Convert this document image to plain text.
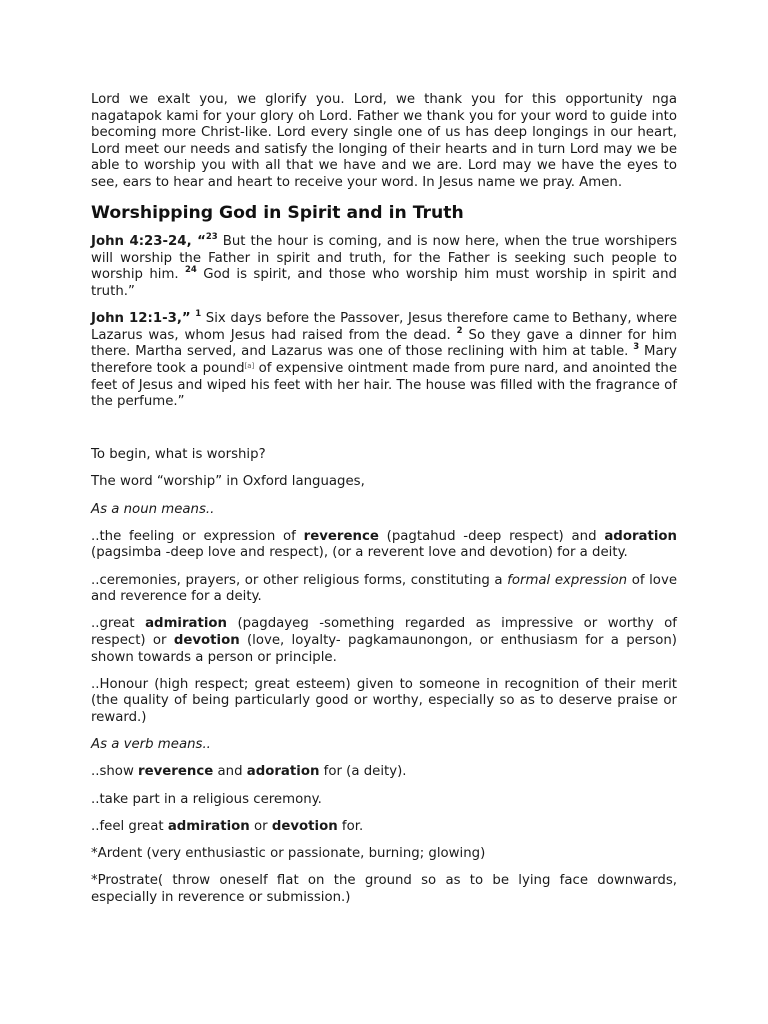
Lord we exalt you, we glorify you. Lord, we thank you for this opportunity nga nagatapok kami for your glory oh Lord. Father we thank you for your word to guide into becoming more Christ-like. Lord every single one of us has deep longings in our heart, Lord meet our needs and satisfy the longing of their hearts and in turn Lord may we be able to worship you with all that we have and we are. Lord may we have the eyes to see, ears to hear and heart to receive your word. In Jesus name we pray. Amen.

Worshipping God in Spirit and in Truth

John 4:23-24, “$^{23}$ But the hour is coming, and is now here, when the true worshipers will worship the Father in spirit and truth, for the Father is seeking such people to worship him. $^{24}$ God is spirit, and those who worship him must worship in spirit and truth.”

John 12:1-3,” $^1$ Six days before the Passover, Jesus therefore came to Bethany, where Lazarus was, whom Jesus had raised from the dead. $^2$ So they gave a dinner for him there. Martha served, and Lazarus was one of those reclining with him at table. $^3$ Mary therefore took a pound[a] of expensive ointment made from pure nard, and anointed the feet of Jesus and wiped his feet with her hair. The house was filled with the fragrance of the perfume.”

To begin, what is worship?

The word “worship” in Oxford languages,

As a noun means..

..the feeling or expression of reverence (pagtahud -deep respect) and adoration (pagsimba -deep love and respect), (or a reverent love and devotion) for a deity.

..ceremonies, prayers, or other religious forms, constituting a formal expression of love and reverence for a deity.

..great admiration (pagdayeg -something regarded as impressive or worthy of respect) or devotion (love, loyalty- pagkamaunongon, or enthusiasm for a person) shown towards a person or principle.

..Honour (high respect; great esteem) given to someone in recognition of their merit (the quality of being particularly good or worthy, especially so as to deserve praise or reward.)

As a verb means..

..show reverence and adoration for (a deity).

..take part in a religious ceremony.

..feel great admiration or devotion for.

*Ardent (very enthusiastic or passionate, burning; glowing)

*Prostrate( throw oneself flat on the ground so as to be lying face downwards, especially in reverence or submission.)
